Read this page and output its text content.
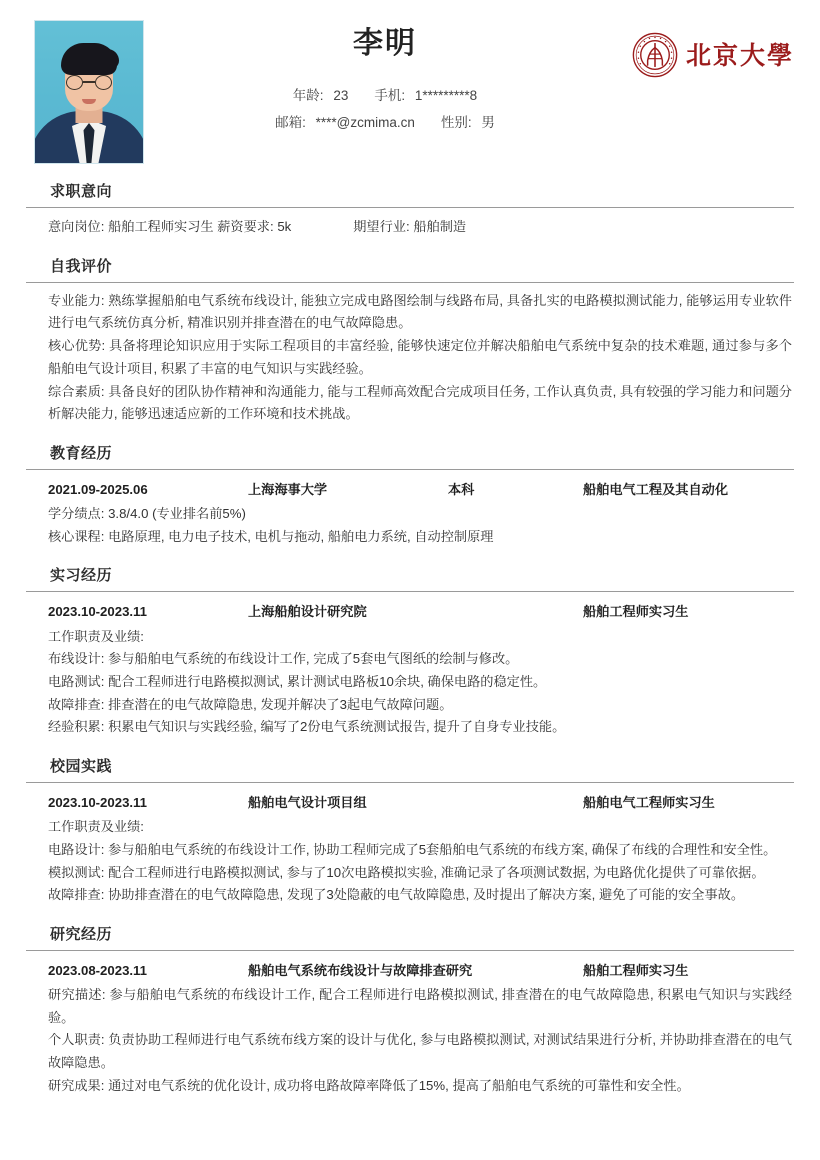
李明
年龄: 23 手机: 1*********8
邮箱: ****@zcmima.cn 性别: 男
北京大學
求职意向
意向岗位: 船舶工程师实习生 薪资要求: 5k	期望行业: 船舶制造
自我评价
专业能力: 熟练掌握船舶电气系统布线设计, 能独立完成电路图绘制与线路布局, 具备扎实的电路模拟测试能力, 能够运用专业软件进行电气系统仿真分析, 精准识别并排查潜在的电气故障隐患。
核心优势: 具备将理论知识应用于实际工程项目的丰富经验, 能够快速定位并解决船舶电气系统中复杂的技术难题, 通过参与多个船舶电气设计项目, 积累了丰富的电气知识与实践经验。
综合素质: 具备良好的团队协作精神和沟通能力, 能与工程师高效配合完成项目任务, 工作认真负责, 具有较强的学习能力和问题分析解决能力, 能够迅速适应新的工作环境和技术挑战。
教育经历
2021.09-2025.06	上海海事大学	本科	船舶电气工程及其自动化
学分绩点: 3.8/4.0 (专业排名前5%)
核心课程: 电路原理, 电力电子技术, 电机与拖动, 船舶电力系统, 自动控制原理
实习经历
2023.10-2023.11	上海船舶设计研究院	船舶工程师实习生
工作职责及业绩:
布线设计: 参与船舶电气系统的布线设计工作, 完成了5套电气图纸的绘制与修改。
电路测试: 配合工程师进行电路模拟测试, 累计测试电路板10余块, 确保电路的稳定性。
故障排查: 排查潜在的电气故障隐患, 发现并解决了3起电气故障问题。
经验积累: 积累电气知识与实践经验, 编写了2份电气系统测试报告, 提升了自身专业技能。
校园实践
2023.10-2023.11	船舶电气设计项目组	船舶电气工程师实习生
工作职责及业绩:
电路设计: 参与船舶电气系统的布线设计工作, 协助工程师完成了5套船舶电气系统的布线方案, 确保了布线的合理性和安全性。
模拟测试: 配合工程师进行电路模拟测试, 参与了10次电路模拟实验, 准确记录了各项测试数据, 为电路优化提供了可靠依据。
故障排查: 协助排查潜在的电气故障隐患, 发现了3处隐蔽的电气故障隐患, 及时提出了解决方案, 避免了可能的安全事故。
研究经历
2023.08-2023.11	船舶电气系统布线设计与故障排查研究	船舶工程师实习生
研究描述: 参与船舶电气系统的布线设计工作, 配合工程师进行电路模拟测试, 排查潜在的电气故障隐患, 积累电气知识与实践经验。
个人职责: 负责协助工程师进行电气系统布线方案的设计与优化, 参与电路模拟测试, 对测试结果进行分析, 并协助排查潜在的电气故障隐患。
研究成果: 通过对电气系统的优化设计, 成功将电路故障率降低了15%, 提高了船舶电气系统的可靠性和安全性。
